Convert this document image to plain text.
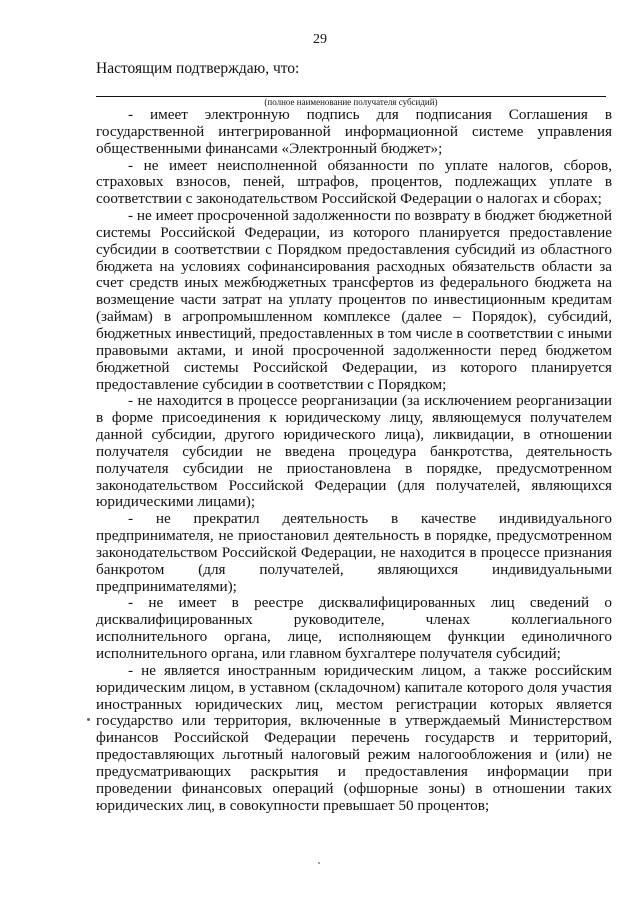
29
Настоящим подтверждаю, что:
(полное наименование получателя субсидий)

- имеет электронную подпись для подписания Соглашения в государственной интегрированной информационной системе управления общественными финансами «Электронный бюджет»;

- не имеет неисполненной обязанности по уплате налогов, сборов, страховых взносов, пеней, штрафов, процентов, подлежащих уплате в соответствии с законодательством Российской Федерации о налогах и сборах;

- не имеет просроченной задолженности по возврату в бюджет бюджетной системы Российской Федерации, из которого планируется предоставление субсидии в соответствии с Порядком предоставления субсидий из областного бюджета на условиях софинансирования расходных обязательств области за счет средств иных межбюджетных трансфертов из федерального бюджета на возмещение части затрат на уплату процентов по инвестиционным кредитам (займам) в агропромышленном комплексе (далее – Порядок), субсидий, бюджетных инвестиций, предоставленных в том числе в соответствии с иными правовыми актами, и иной просроченной задолженности перед бюджетом бюджетной системы Российской Федерации, из которого планируется предоставление субсидии в соответствии с Порядком;

- не находится в процессе реорганизации (за исключением реорганизации в форме присоединения к юридическому лицу, являющемуся получателем данной субсидии, другого юридического лица), ликвидации, в отношении получателя субсидии не введена процедура банкротства, деятельность получателя субсидии не приостановлена в порядке, предусмотренном законодательством Российской Федерации (для получателей, являющихся юридическими лицами);

- не прекратил деятельность в качестве индивидуального предпринимателя, не приостановил деятельность в порядке, предусмотренном законодательством Российской Федерации, не находится в процессе признания банкротом (для получателей, являющихся индивидуальными предпринимателями);

- не имеет в реестре дисквалифицированных лиц сведений о дисквалифицированных руководителе, членах коллегиального исполнительного органа, лице, исполняющем функции единоличного исполнительного органа, или главном бухгалтере получателя субсидий;

- не является иностранным юридическим лицом, а также российским юридическим лицом, в уставном (складочном) капитале которого доля участия иностранных юридических лиц, местом регистрации которых является государство или территория, включенные в утверждаемый Министерством финансов Российской Федерации перечень государств и территорий, предоставляющих льготный налоговый режим налогообложения и (или) не предусматривающих раскрытия и предоставления информации при проведении финансовых операций (офшорные зоны) в отношении таких юридических лиц, в совокупности превышает 50 процентов;
